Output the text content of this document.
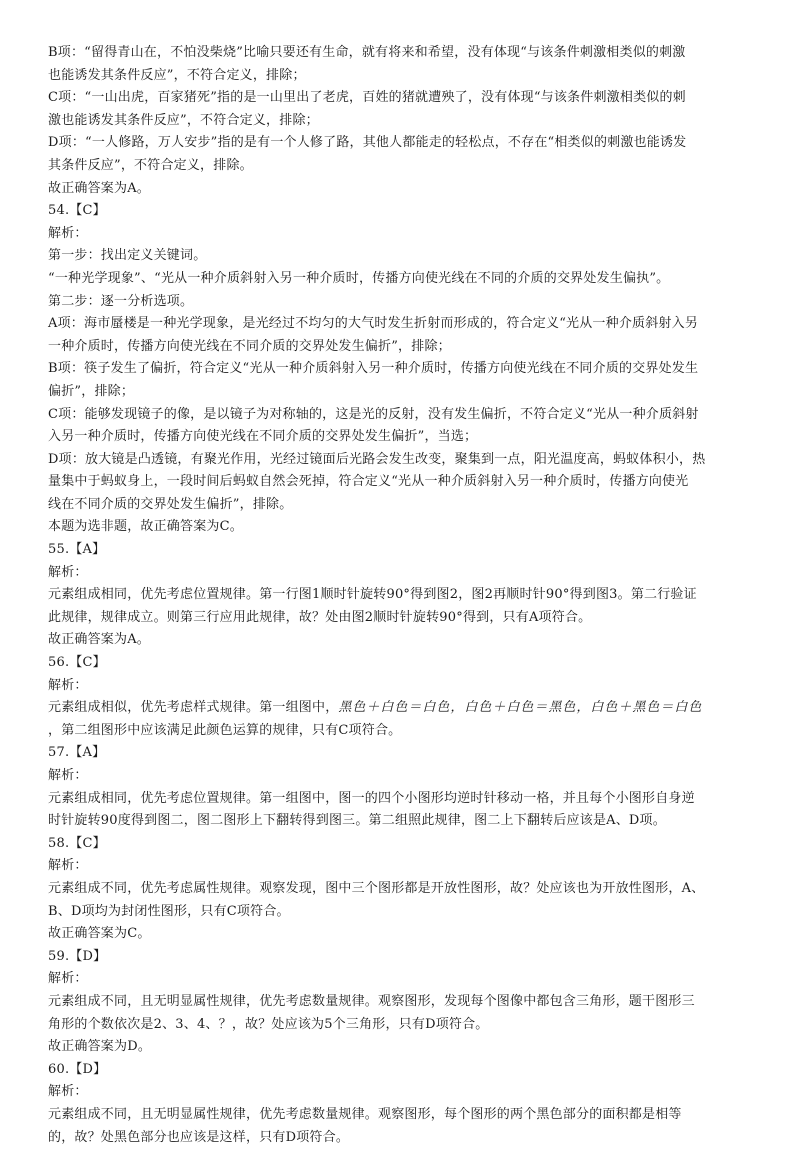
B项：“留得青山在，不怕没柴烧”比喻只要还有生命，就有将来和希望，没有体现“与该条件刺激相类似的刺激
也能诱发其条件反应”，不符合定义，排除；
C项：“一山出虎，百家猪死”指的是一山里出了老虎，百姓的猪就遭殃了，没有体现“与该条件刺激相类似的刺
激也能诱发其条件反应”，不符合定义，排除；
D项：“一人修路，万人安步”指的是有一个人修了路，其他人都能走的轻松点，不存在“相类似的刺激也能诱发
其条件反应”，不符合定义，排除。
故正确答案为A。
54.【C】
解析：
第一步：找出定义关键词。
“一种光学现象”、“光从一种介质斜射入另一种介质时，传播方向使光线在不同的介质的交界处发生偏执”。
第二步：逐一分析选项。
A项：海市蜃楼是一种光学现象，是光经过不均匀的大气时发生折射而形成的，符合定义“光从一种介质斜射入另
一种介质时，传播方向使光线在不同介质的交界处发生偏折”，排除；
B项：筷子发生了偏折，符合定义“光从一种介质斜射入另一种介质时，传播方向使光线在不同介质的交界处发生
偏折”，排除；
C项：能够发现镜子的像，是以镜子为对称轴的，这是光的反射，没有发生偏折，不符合定义“光从一种介质斜射
入另一种介质时，传播方向使光线在不同介质的交界处发生偏折”，当选；
D项：放大镜是凸透镜，有聚光作用，光经过镜面后光路会发生改变，聚集到一点，阳光温度高，蚂蚁体积小，热
量集中于蚂蚁身上，一段时间后蚂蚁自然会死掉，符合定义“光从一种介质斜射入另一种介质时，传播方向使光
线在不同介质的交界处发生偏折”，排除。
本题为选非题，故正确答案为C。
55.【A】
解析：
元素组成相同，优先考虑位置规律。第一行图1顺时针旋转90°得到图2，图2再顺时针90°得到图3。第二行验证
此规律，规律成立。则第三行应用此规律，故？处由图2顺时针旋转90°得到，只有A项符合。
故正确答案为A。
56.【C】
解析：
元素组成相似，优先考虑样式规律。第一组图中，黑色＋白色＝白色，白色＋白色＝黑色，白色＋黑色＝白色
，第二组图形中应该满足此颜色运算的规律，只有C项符合。
57.【A】
解析：
元素组成相同，优先考虑位置规律。第一组图中，图一的四个小图形均逆时针移动一格，并且每个小图形自身逆
时针旋转90度得到图二，图二图形上下翻转得到图三。第二组照此规律，图二上下翻转后应该是A、D项。
58.【C】
解析：
元素组成不同，优先考虑属性规律。观察发现，图中三个图形都是开放性图形，故？处应该也为开放性图形，A、
B、D项均为封闭性图形，只有C项符合。
故正确答案为C。
59.【D】
解析：
元素组成不同，且无明显属性规律，优先考虑数量规律。观察图形，发现每个图像中都包含三角形，题干图形三
角形的个数依次是2、3、4、？，故？处应该为5个三角形，只有D项符合。
故正确答案为D。
60.【D】
解析：
元素组成不同，且无明显属性规律，优先考虑数量规律。观察图形，每个图形的两个黑色部分的面积都是相等
的，故？处黑色部分也应该是这样，只有D项符合。
